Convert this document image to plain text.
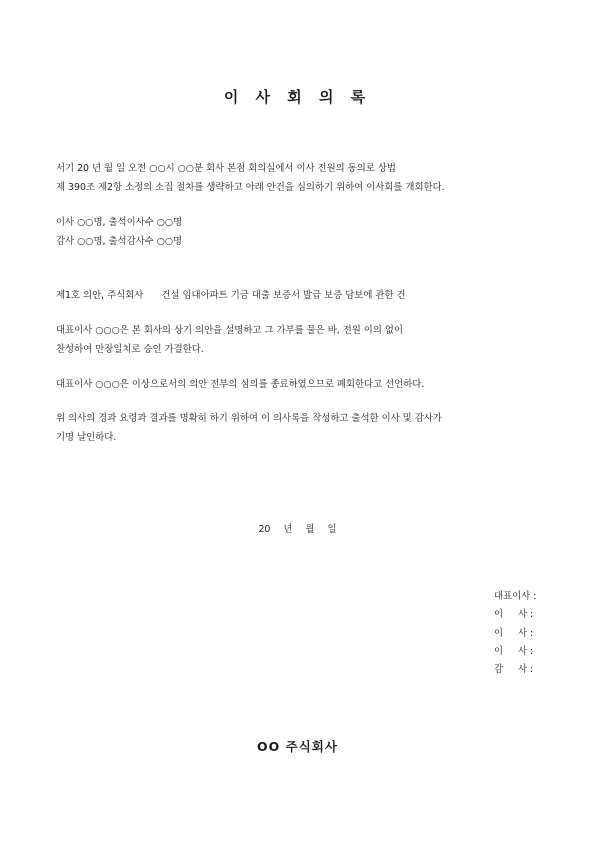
이 사 회 의 록
서기 20 년 월 일 오전 ○○시 ○○분 회사 본점 회의실에서 이사 전원의 동의로 상법
제 390조 제2항 소정의 소집 절차를 생략하고 아래 안건을 심의하기 위하여 이사회를 개회한다.
이사 ○○명, 출석이사수 ○○명
감사 ○○명, 출석감사수 ○○명
제1호 의안, 주식회사 건설 임대아파트 기금 대출 보증서 발급 보증 담보에 관한 건
대표이사 ○○○은 본 회사의 상기 의안을 설명하고 그 가부를 물은 바, 전원 이의 없이
찬성하여 만장일치로 승인 가결한다.
대표이사 ○○○은 이상으로서의 의안 전부의 심의를 종료하였으므로 폐회한다고 선언하다.
위 의사의 경과 요령과 결과를 명확히 하기 위하여 이 의사록을 작성하고 출석한 이사 및 감사가
기명 날인하다.
20 년 월 일
대표이사 :
이     사 :
이     사 :
이     사 :
감     사 :
OO 주식회사
